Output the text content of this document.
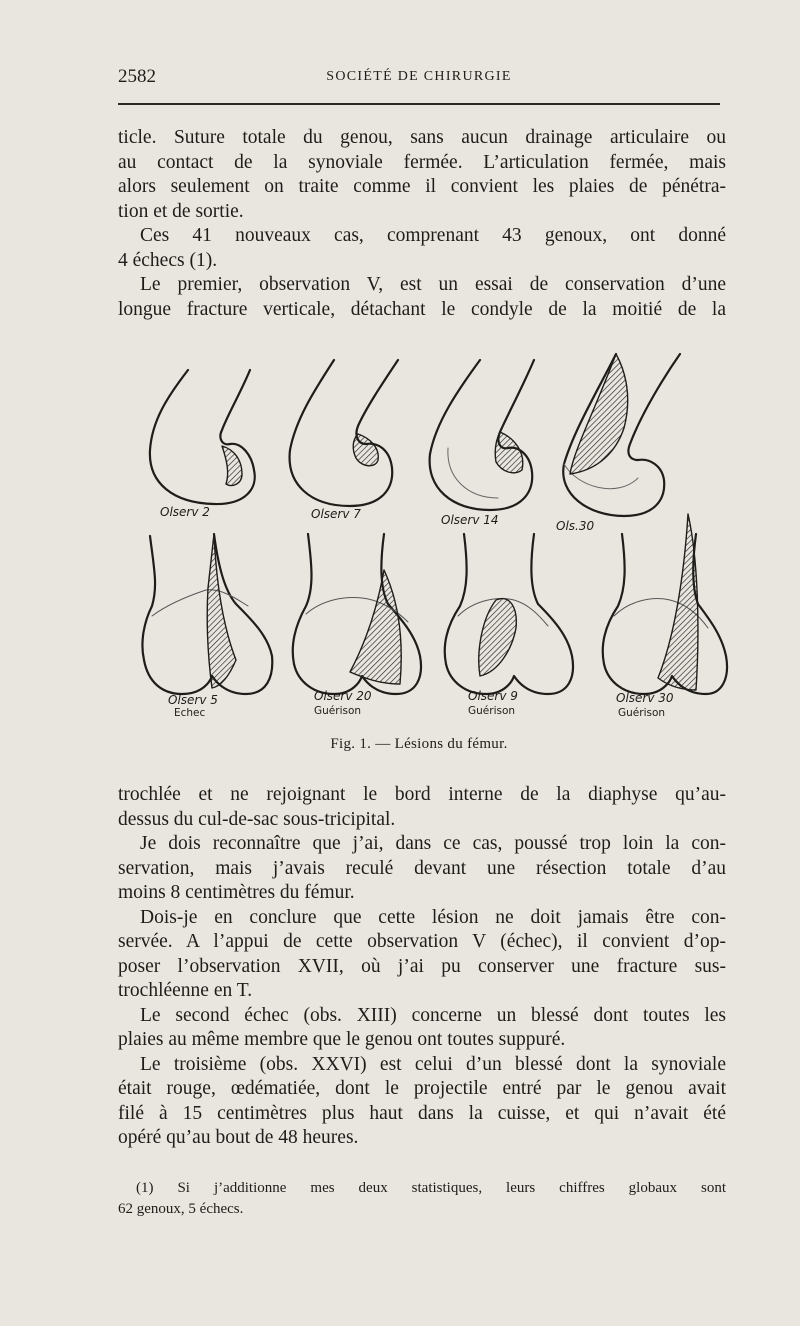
2582	SOCIÉTÉ DE CHIRURGIE
ticle. Suture totale du genou, sans aucun drainage articulaire ou
au contact de la synoviale fermée. L’articulation fermée, mais
alors seulement on traite comme il convient les plaies de pénétra-
tion et de sortie.
Ces 41 nouveaux cas, comprenant 43 genoux, ont donné
4 échecs (1).
Le premier, observation V, est un essai de conservation d’une
longue fracture verticale, détachant le condyle de la moitié de la
Olserv 2	Olserv 7	Olserv 14	Ols.30
Olserv 5	Olserv 20	Olserv 9	Olserv 30
Echec	Guérison	Guérison	Guérison
Fig. 1. — Lésions du fémur.
trochlée et ne rejoignant le bord interne de la diaphyse qu’au-
dessus du cul-de-sac sous-tricipital.
Je dois reconnaître que j’ai, dans ce cas, poussé trop loin la con-
servation, mais j’avais reculé devant une résection totale d’au
moins 8 centimètres du fémur.
Dois-je en conclure que cette lésion ne doit jamais être con-
servée. A l’appui de cette observation V (échec), il convient d’op-
poser l’observation XVII, où j’ai pu conserver une fracture sus-
trochléenne en T.
Le second échec (obs. XIII) concerne un blessé dont toutes les
plaies au même membre que le genou ont toutes suppuré.
Le troisième (obs. XXVI) est celui d’un blessé dont la synoviale
était rouge, œdématiée, dont le projectile entré par le genou avait
filé à 15 centimètres plus haut dans la cuisse, et qui n’avait été
opéré qu’au bout de 48 heures.
(1) Si j’additionne mes deux statistiques, leurs chiffres globaux sont
62 genoux, 5 échecs.
